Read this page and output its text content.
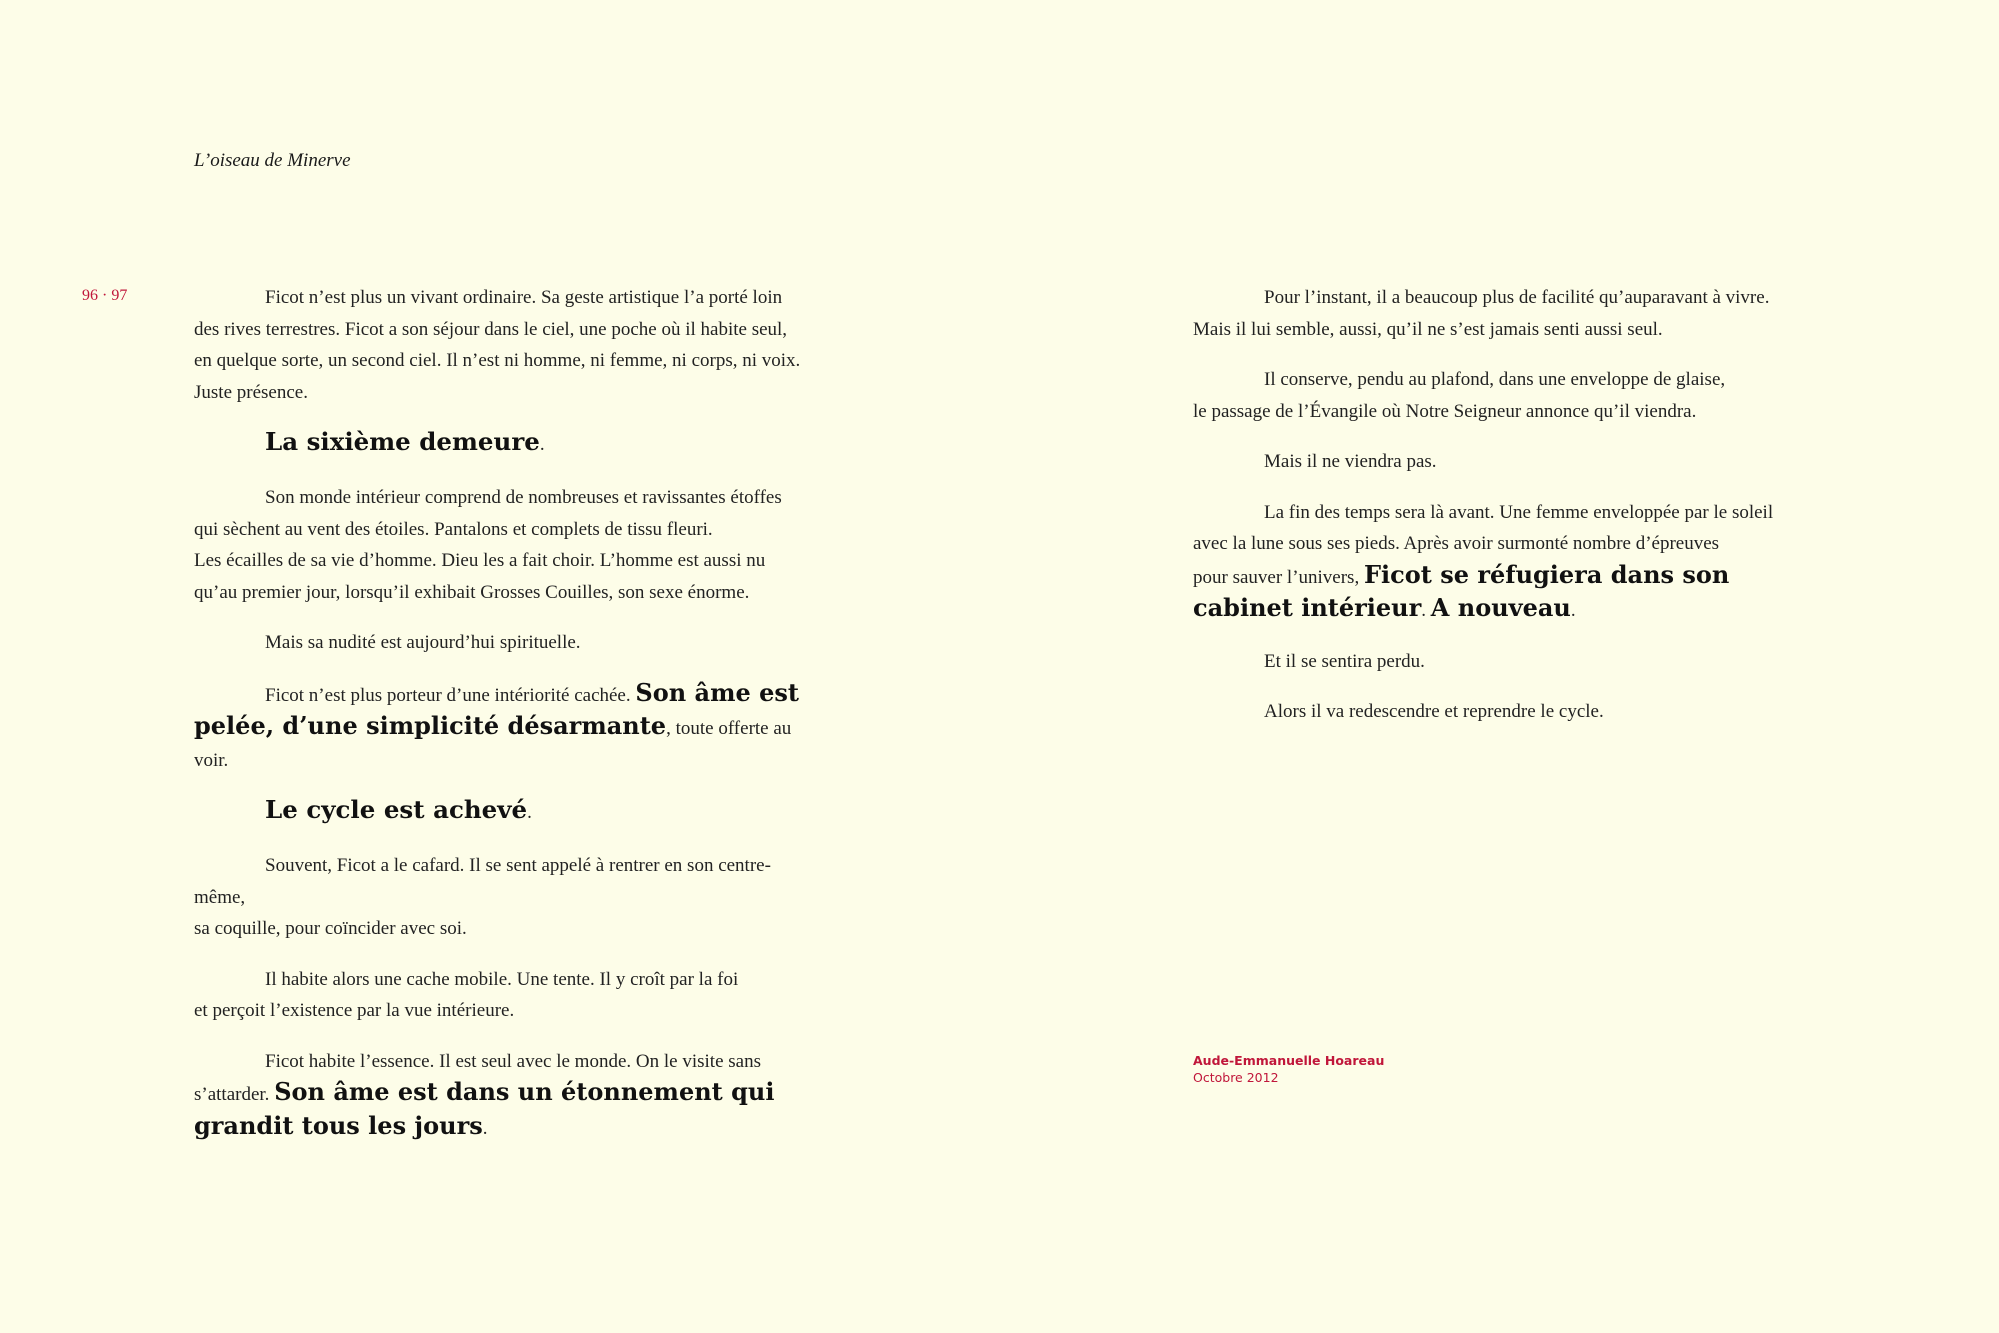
L’oiseau de Minerve
96 · 97	Ficot n’est plus un vivant ordinaire. Sa geste artistique l’a porté loin
des rives terrestres. Ficot a son séjour dans le ciel, une poche où il habite seul,
en quelque sorte, un second ciel. Il n’est ni homme, ni femme, ni corps, ni voix.
Juste présence.

La sixième demeure.

Son monde intérieur comprend de nombreuses et ravissantes étoffes
qui sèchent au vent des étoiles. Pantalons et complets de tissu fleuri.
Les écailles de sa vie d’homme. Dieu les a fait choir. L’homme est aussi nu
qu’au premier jour, lorsqu’il exhibait Grosses Couilles, son sexe énorme.

Mais sa nudité est aujourd’hui spirituelle.

Ficot n’est plus porteur d’une intériorité cachée. Son âme est pelée, d’une simplicité désarmante, toute offerte au voir.

Le cycle est achevé.

Souvent, Ficot a le cafard. Il se sent appelé à rentrer en son centre-même,
sa coquille, pour coïncider avec soi.

Il habite alors une cache mobile. Une tente. Il y croît par la foi
et perçoit l’existence par la vue intérieure.

Ficot habite l’essence. Il est seul avec le monde. On le visite sans
s’attarder. Son âme est dans un étonnement qui grandit tous les jours.

Pour l’instant, il a beaucoup plus de facilité qu’auparavant à vivre.
Mais il lui semble, aussi, qu’il ne s’est jamais senti aussi seul.

Il conserve, pendu au plafond, dans une enveloppe de glaise,
le passage de l’Évangile où Notre Seigneur annonce qu’il viendra.

Mais il ne viendra pas.

La fin des temps sera là avant. Une femme enveloppée par le soleil
avec la lune sous ses pieds. Après avoir surmonté nombre d’épreuves
pour sauver l’univers, Ficot se réfugiera dans son cabinet intérieur. A nouveau.

Et il se sentira perdu.

Alors il va redescendre et reprendre le cycle.

Aude-Emmanuelle Hoareau
Octobre 2012
